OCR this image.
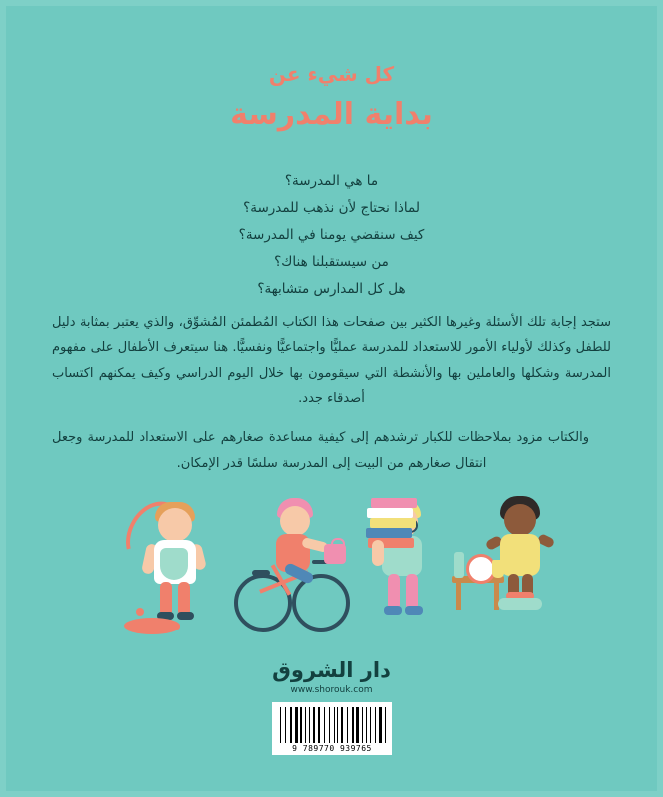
كل شيء عن
بداية المدرسة
ما هي المدرسة؟
لماذا نحتاج لأن نذهب للمدرسة؟
كيف سنقضي يومنا في المدرسة؟
من سيستقبلنا هناك؟
هل كل المدارس متشابهة؟

ستجد إجابة تلك الأسئلة وغيرها الكثير بين صفحات هذا الكتاب المُطمئن المُشوِّق، والذي يعتبر بمثابة دليل للطفل وكذلك لأولياء الأمور للاستعداد للمدرسة عمليًّا واجتماعيًّا ونفسيًّا. هنا سيتعرف الأطفال على مفهوم المدرسة وشكلها والعاملين بها والأنشطة التي سيقومون بها خلال اليوم الدراسي وكيف يمكنهم اكتساب أصدقاء جدد.

والكتاب مزود بملاحظات للكبار ترشدهم إلى كيفية مساعدة صغارهم على الاستعداد للمدرسة وجعل انتقال صغارهم من البيت إلى المدرسة سلسًا قدر الإمكان.

دار الشروق
www.shorouk.com
9 789770 939765
